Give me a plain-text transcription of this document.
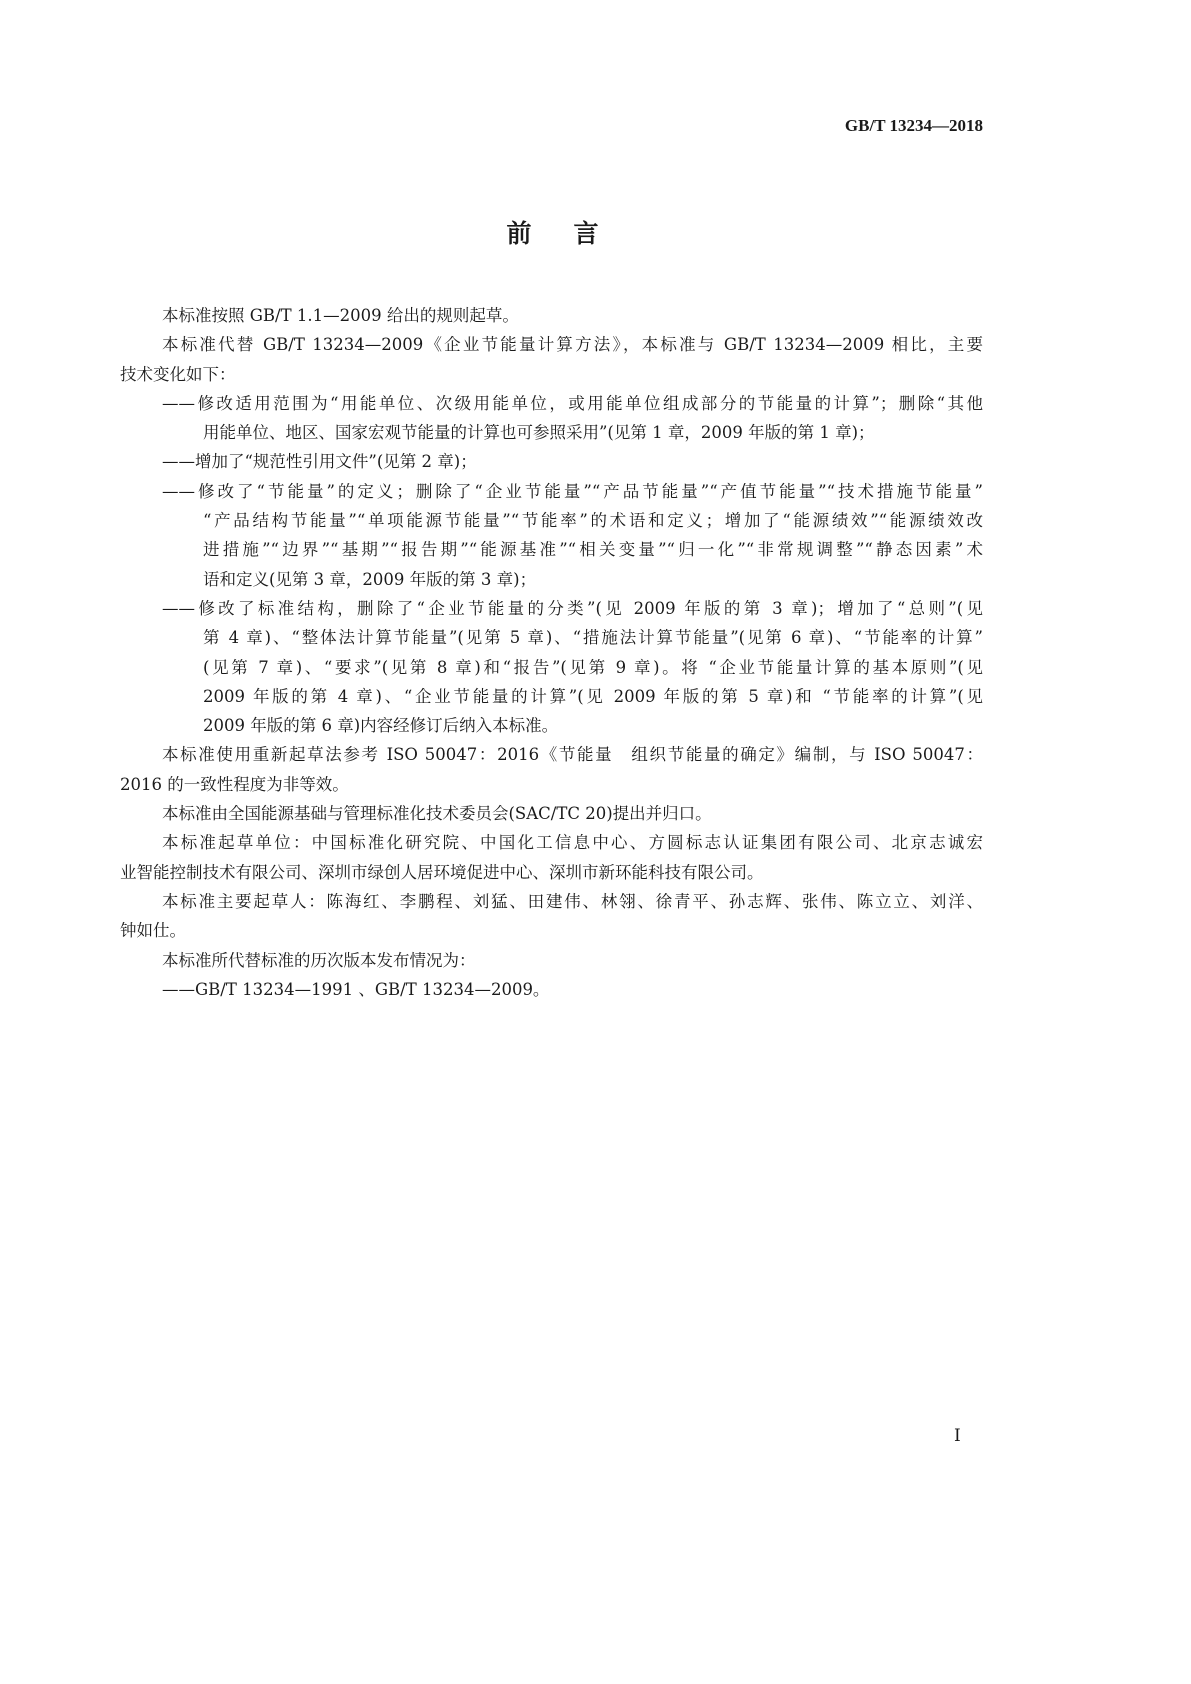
GB/T 13234—2018
前 言
本标准按照 GB/T 1.1—2009 给出的规则起草。
本标准代替 GB/T 13234—2009《企业节能量计算方法》，本标准与 GB/T 13234—2009 相比，主要
技术变化如下：
——修改适用范围为“用能单位、次级用能单位，或用能单位组成部分的节能量的计算”；删除“其他
用能单位、地区、国家宏观节能量的计算也可参照采用”(见第 1 章，2009 年版的第 1 章)；
——增加了“规范性引用文件”(见第 2 章)；
——修改了“节能量”的定义；删除了“企业节能量”“产品节能量”“产值节能量”“技术措施节能量”
“产品结构节能量”“单项能源节能量”“节能率”的术语和定义；增加了“能源绩效”“能源绩效改
进措施”“边界”“基期”“报告期”“能源基准”“相关变量”“归一化”“非常规调整”“静态因素”术
语和定义(见第 3 章，2009 年版的第 3 章)；
——修改了标准结构，删除了“企业节能量的分类”(见 2009 年版的第 3 章)；增加了“总则”(见
第 4 章)、“整体法计算节能量”(见第 5 章)、“措施法计算节能量”(见第 6 章)、“节能率的计算”
(见第 7 章)、“要求”(见第 8 章)和“报告”(见第 9 章)。将 “企业节能量计算的基本原则”(见
2009 年版的第 4 章)、“企业节能量的计算”(见 2009 年版的第 5 章)和 “节能率的计算”(见
2009 年版的第 6 章)内容经修订后纳入本标准。
本标准使用重新起草法参考 ISO 50047：2016《节能量　组织节能量的确定》编制，与 ISO 50047：
2016 的一致性程度为非等效。
本标准由全国能源基础与管理标准化技术委员会(SAC/TC 20)提出并归口。
本标准起草单位：中国标准化研究院、中国化工信息中心、方圆标志认证集团有限公司、北京志诚宏
业智能控制技术有限公司、深圳市绿创人居环境促进中心、深圳市新环能科技有限公司。
本标准主要起草人：陈海红、李鹏程、刘猛、田建伟、林翎、徐青平、孙志辉、张伟、陈立立、刘洋、
钟如仕。
本标准所代替标准的历次版本发布情况为：
——GB/T 13234—1991 、GB/T 13234—2009。
I
